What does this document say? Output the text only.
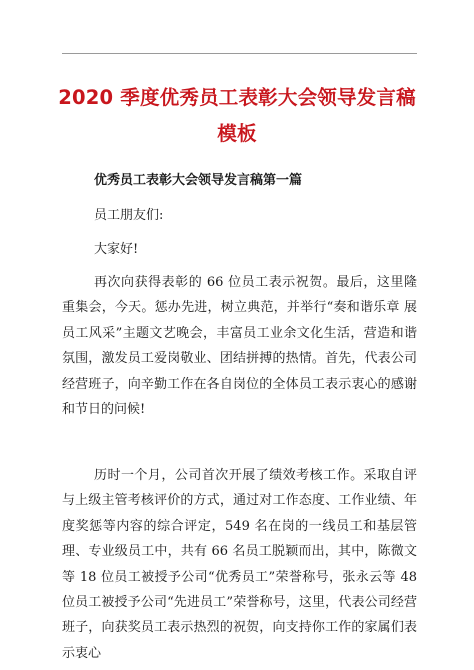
2020 季度优秀员工表彰大会领导发言稿模板
优秀员工表彰大会领导发言稿第一篇

员工朋友们:

大家好!

再次向获得表彰的 66 位员工表示祝贺。最后，这里隆重集会，今天。惩办先进，树立典范，并举行“奏和谐乐章 展员工风采”主题文艺晚会，丰富员工业余文化生活，营造和谐氛围，激发员工爱岗敬业、团结拼搏的热情。首先，代表公司经营班子，向辛勤工作在各自岗位的全体员工表示衷心的感谢和节日的问候!

历时一个月，公司首次开展了绩效考核工作。采取自评与上级主管考核评价的方式，通过对工作态度、工作业绩、年度奖惩等内容的综合评定，549 名在岗的一线员工和基层管理、专业级员工中，共有 66 名员工脱颖而出，其中，陈微文等 18 位员工被授予公司“优秀员工”荣誉称号，张永云等 48 位员工被授予公司“先进员工”荣誉称号，这里，代表公司经营班子，向获奖员工表示热烈的祝贺，向支持你工作的家属们表示衷心
